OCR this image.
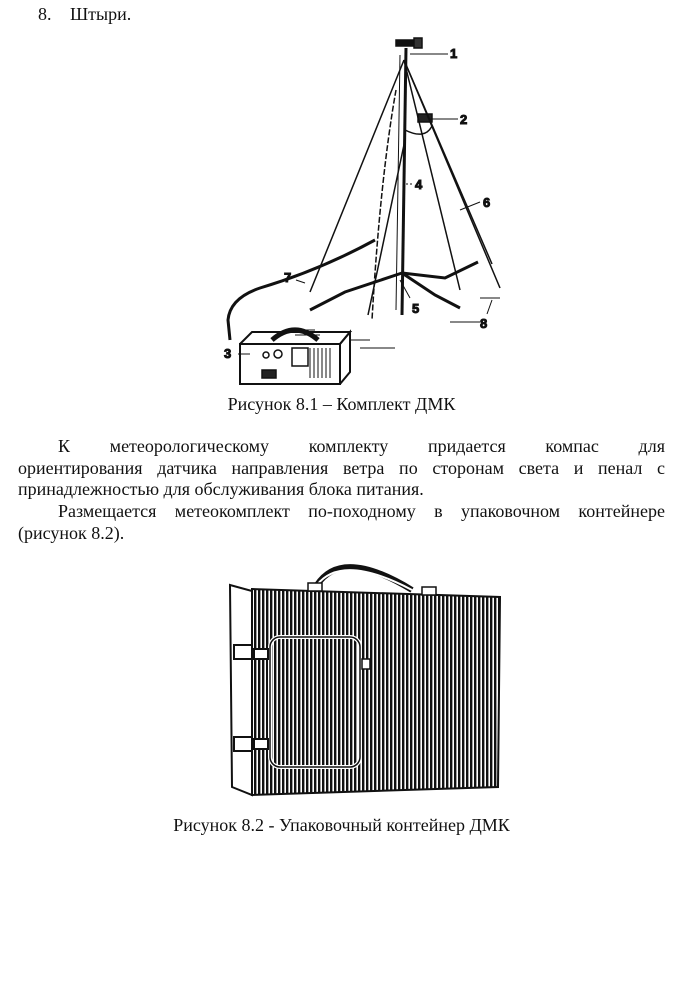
8. Штыри.
1
2
3
4
5
6
7
8
Рисунок 8.1 – Комплект ДМК
К метеорологическому комплекту придается компас для
ориентирования датчика направления ветра по сторонам света и пенал с принадлежностью для обслуживания блока питания.
Размещается метеокомплект по-походному в упаковочном контейнере (рисунок 8.2).
Рисунок 8.2 - Упаковочный контейнер ДМК
